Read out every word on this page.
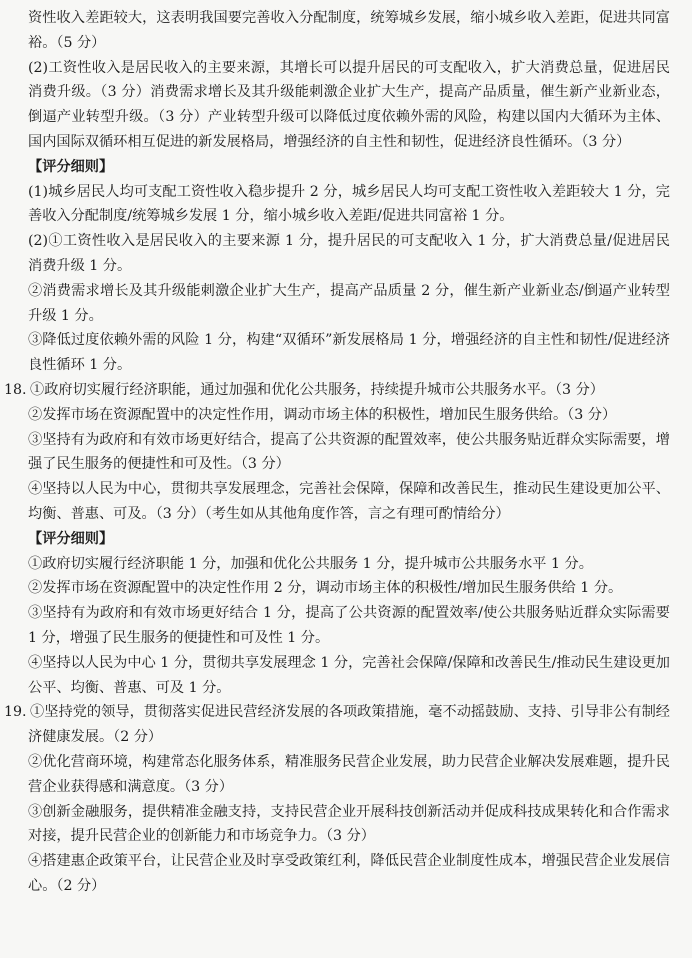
资性收入差距较大，这表明我国要完善收入分配制度，统筹城乡发展，缩小城乡收入差距，促进共同富裕。（5 分）

(2)工资性收入是居民收入的主要来源，其增长可以提升居民的可支配收入，扩大消费总量，促进居民消费升级。（3 分）消费需求增长及其升级能刺激企业扩大生产，提高产品质量，催生新产业新业态，倒逼产业转型升级。（3 分）产业转型升级可以降低过度依赖外需的风险，构建以国内大循环为主体、国内国际双循环相互促进的新发展格局，增强经济的自主性和韧性，促进经济良性循环。（3 分）

【评分细则】

(1)城乡居民人均可支配工资性收入稳步提升 2 分，城乡居民人均可支配工资性收入差距较大 1 分，完善收入分配制度/统筹城乡发展 1 分，缩小城乡收入差距/促进共同富裕 1 分。

(2)①工资性收入是居民收入的主要来源 1 分，提升居民的可支配收入 1 分，扩大消费总量/促进居民消费升级 1 分。

②消费需求增长及其升级能刺激企业扩大生产，提高产品质量 2 分，催生新产业新业态/倒逼产业转型升级 1 分。

③降低过度依赖外需的风险 1 分，构建“双循环”新发展格局 1 分，增强经济的自主性和韧性/促进经济良性循环 1 分。

18. ①政府切实履行经济职能，通过加强和优化公共服务，持续提升城市公共服务水平。（3 分）

②发挥市场在资源配置中的决定性作用，调动市场主体的积极性，增加民生服务供给。（3 分）

③坚持有为政府和有效市场更好结合，提高了公共资源的配置效率，使公共服务贴近群众实际需要，增强了民生服务的便捷性和可及性。（3 分）

④坚持以人民为中心，贯彻共享发展理念，完善社会保障，保障和改善民生，推动民生建设更加公平、均衡、普惠、可及。（3 分）（考生如从其他角度作答，言之有理可酌情给分）

【评分细则】

①政府切实履行经济职能 1 分，加强和优化公共服务 1 分，提升城市公共服务水平 1 分。

②发挥市场在资源配置中的决定性作用 2 分，调动市场主体的积极性/增加民生服务供给 1 分。

③坚持有为政府和有效市场更好结合 1 分，提高了公共资源的配置效率/使公共服务贴近群众实际需要 1 分，增强了民生服务的便捷性和可及性 1 分。

④坚持以人民为中心 1 分，贯彻共享发展理念 1 分，完善社会保障/保障和改善民生/推动民生建设更加公平、均衡、普惠、可及 1 分。

19. ①坚持党的领导，贯彻落实促进民营经济发展的各项政策措施，毫不动摇鼓励、支持、引导非公有制经济健康发展。（2 分）

②优化营商环境，构建常态化服务体系，精准服务民营企业发展，助力民营企业解决发展难题，提升民营企业获得感和满意度。（3 分）

③创新金融服务，提供精准金融支持，支持民营企业开展科技创新活动并促成科技成果转化和合作需求对接，提升民营企业的创新能力和市场竞争力。（3 分）

④搭建惠企政策平台，让民营企业及时享受政策红利，降低民营企业制度性成本，增强民营企业发展信心。（2 分）
